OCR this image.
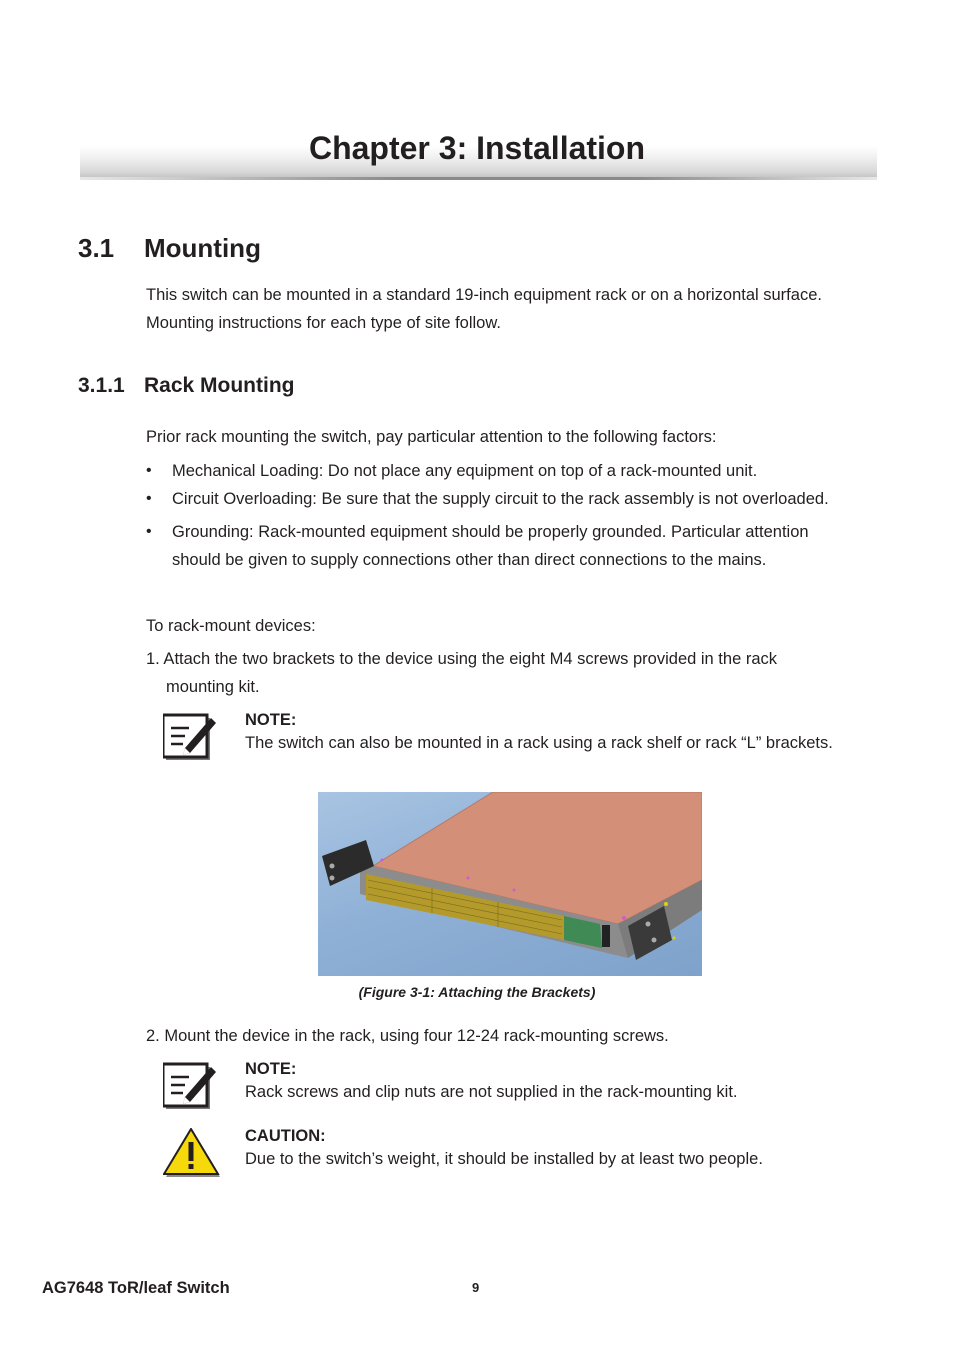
Chapter 3: Installation
3.1 Mounting
This switch can be mounted in a standard 19-inch equipment rack or on a horizontal surface.
Mounting instructions for each type of site follow.
3.1.1 Rack Mounting
Prior rack mounting the switch, pay particular attention to the following factors:
• Mechanical Loading: Do not place any equipment on top of a rack-mounted unit.
• Circuit Overloading: Be sure that the supply circuit to the rack assembly is not overloaded.
• Grounding: Rack-mounted equipment should be properly grounded. Particular attention
should be given to supply connections other than direct connections to the mains.
To rack-mount devices:
1. Attach the two brackets to the device using the eight M4 screws provided in the rack
mounting kit.
NOTE:
The switch can also be mounted in a rack using a rack shelf or rack “L” brackets.
(Figure 3-1: Attaching the Brackets)
2. Mount the device in the rack, using four 12-24 rack-mounting screws.
NOTE:
Rack screws and clip nuts are not supplied in the rack-mounting kit.
CAUTION:
Due to the switch’s weight, it should be installed by at least two people.
AG7648 ToR/leaf Switch	9
